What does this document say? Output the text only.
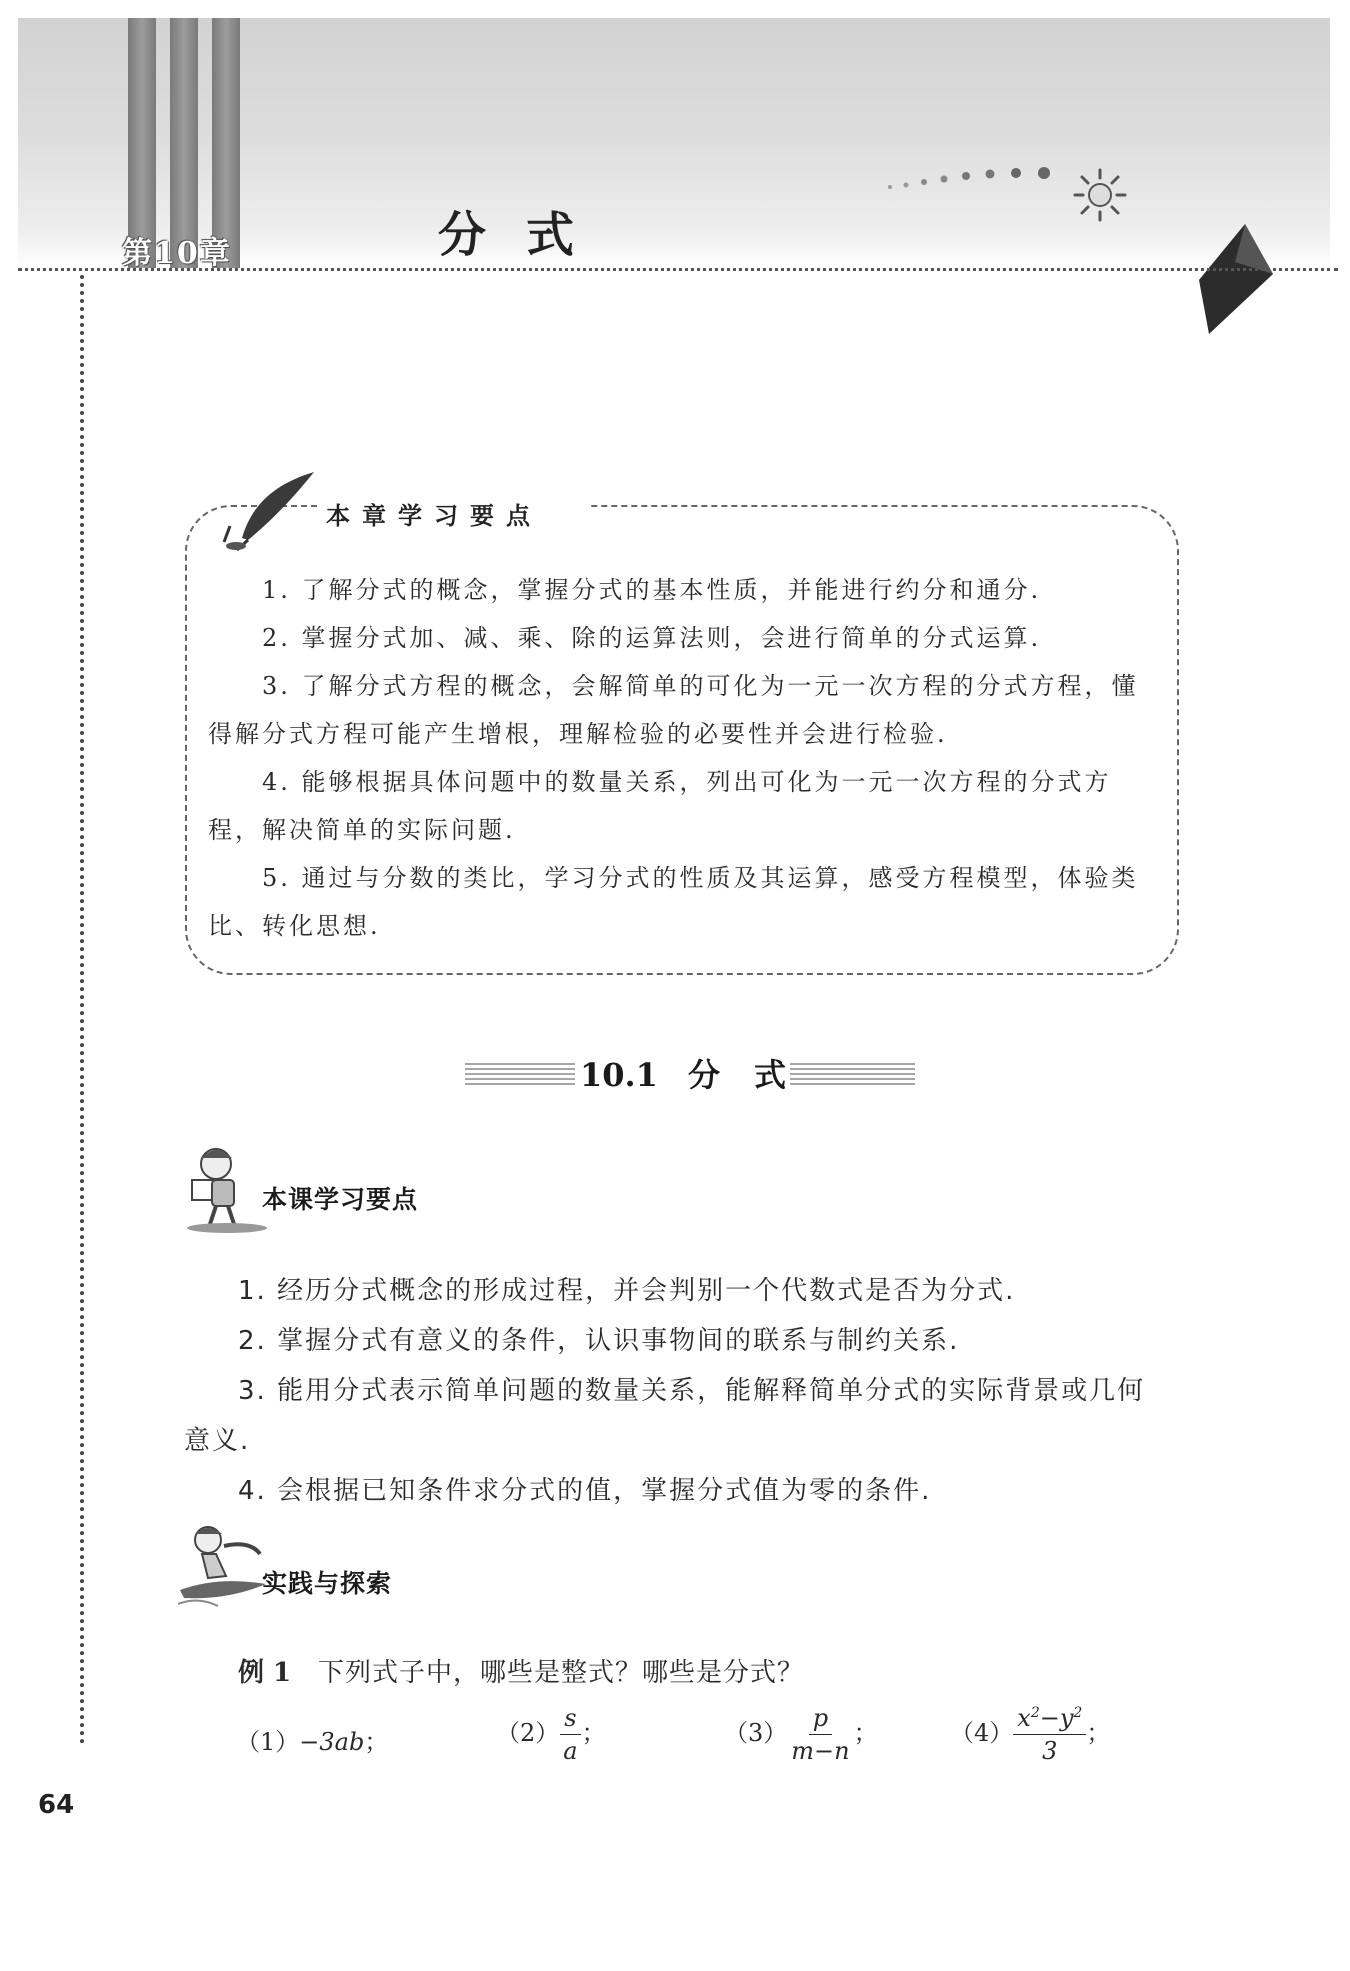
第10章	分式
本章学习要点
1. 了解分式的概念，掌握分式的基本性质，并能进行约分和通分.
2. 掌握分式加、减、乘、除的运算法则，会进行简单的分式运算.
3. 了解分式方程的概念，会解简单的可化为一元一次方程的分式方程，懂
得解分式方程可能产生增根，理解检验的必要性并会进行检验.
4. 能够根据具体问题中的数量关系，列出可化为一元一次方程的分式方
程，解决简单的实际问题.
5. 通过与分数的类比，学习分式的性质及其运算，感受方程模型，体验类
比、转化思想.
10.1 分 式
本课学习要点
1. 经历分式概念的形成过程，并会判别一个代数式是否为分式.
2. 掌握分式有意义的条件，认识事物间的联系与制约关系.
3. 能用分式表示简单问题的数量关系，能解释简单分式的实际背景或几何
意义.
4. 会根据已知条件求分式的值，掌握分式值为零的条件.
实践与探索
例 1 下列式子中，哪些是整式？哪些是分式？
（1）−3ab；	$(2) \frac{s}{a}$ ；	$(3) \frac{p}{m-n}$ ；	$(4) \frac{x^2-y^2}{3}$ ；
64
